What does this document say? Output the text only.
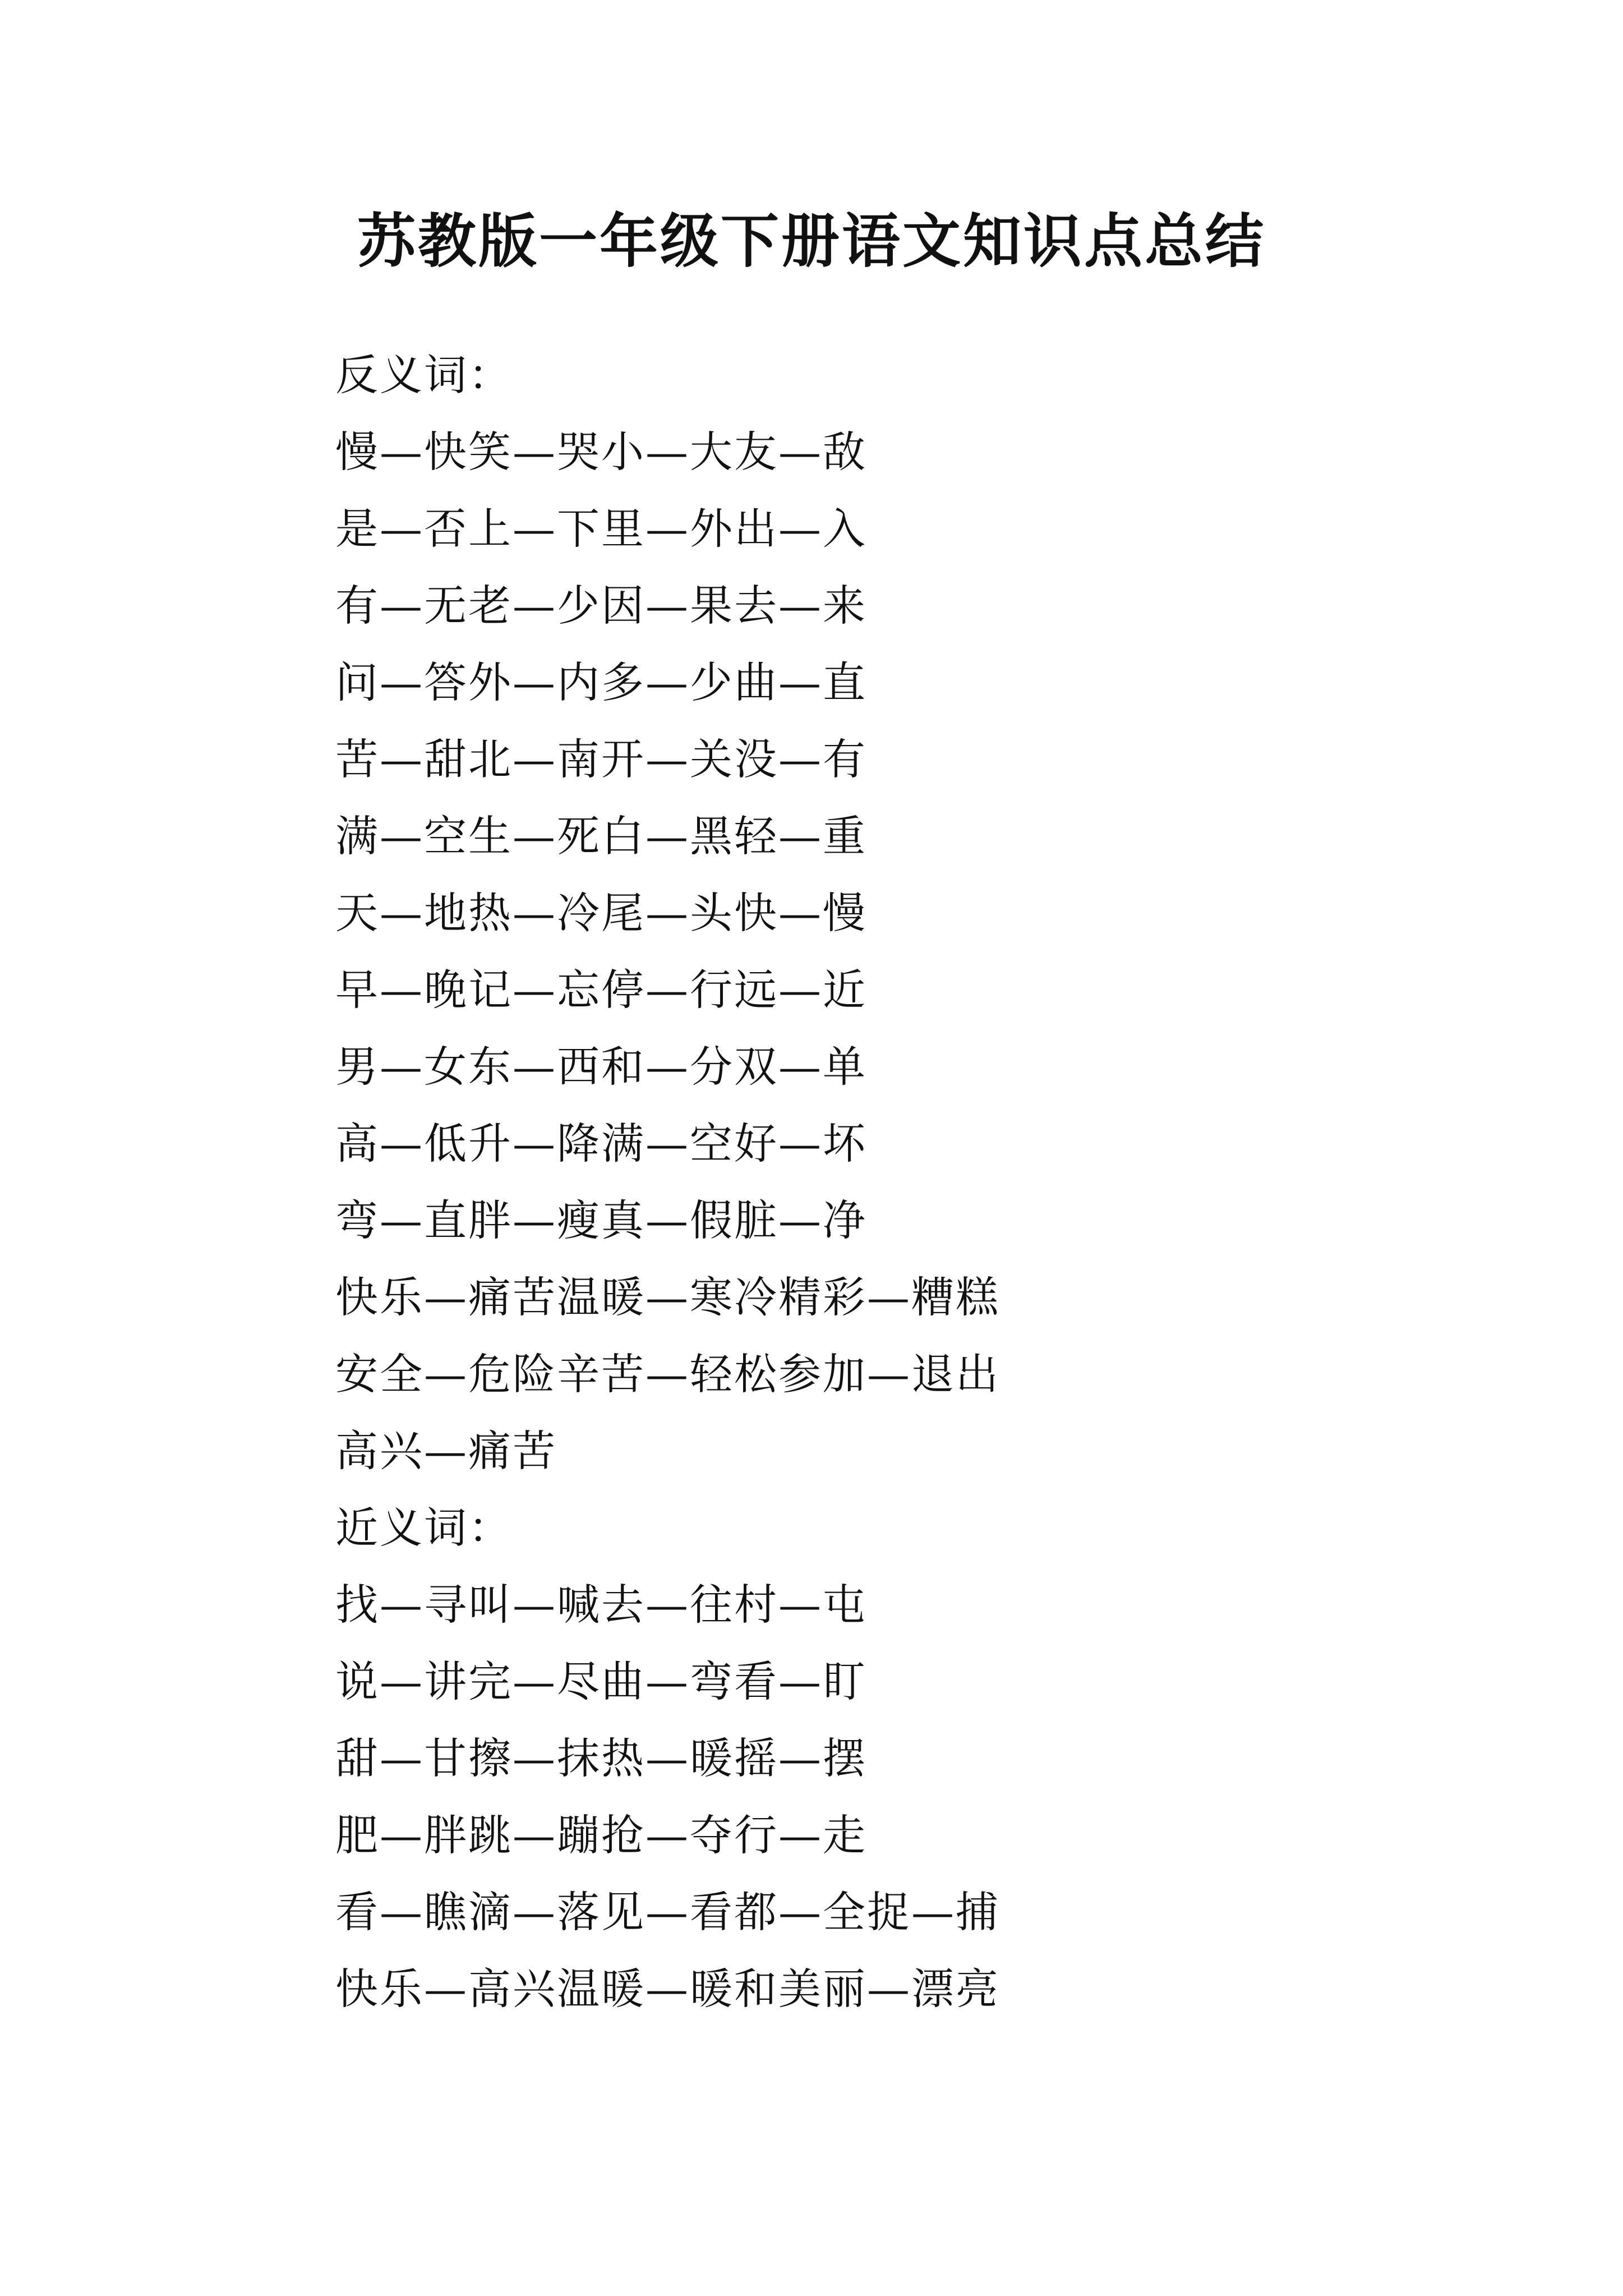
苏教版一年级下册语文知识点总结
反义词：
慢—快笑—哭小—大友—敌
是—否上—下里—外出—入
有—无老—少因—果去—来
问—答外—内多—少曲—直
苦—甜北—南开—关没—有
满—空生—死白—黑轻—重
天—地热—冷尾—头快—慢
早—晚记—忘停—行远—近
男—女东—西和—分双—单
高—低升—降满—空好—坏
弯—直胖—瘦真—假脏—净
快乐—痛苦温暖—寒冷精彩—糟糕
安全—危险辛苦—轻松参加—退出
高兴—痛苦
近义词：
找—寻叫—喊去—往村—屯
说—讲完—尽曲—弯看—盯
甜—甘擦—抹热—暖摇—摆
肥—胖跳—蹦抢—夺行—走
看—瞧滴—落见—看都—全捉—捕
快乐—高兴温暖—暖和美丽—漂亮
